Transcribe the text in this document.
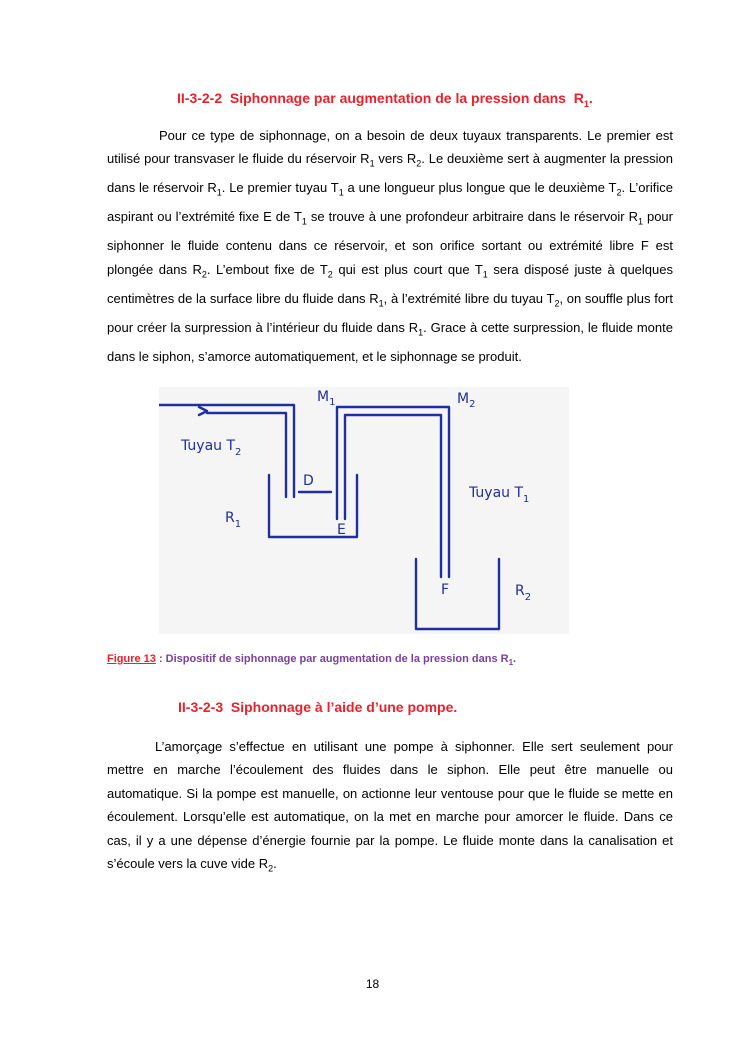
II-3-2-2 Siphonnage par augmentation de la pression dans $R_1$.

Pour ce type de siphonnage, on a besoin de deux tuyaux transparents. Le premier est utilisé pour transvaser le fluide du réservoir $R_1$ vers $R_2$. Le deuxième sert à augmenter la pression dans le réservoir $R_1$. Le premier tuyau $T_1$ a une longueur plus longue que le deuxième $T_2$. L’orifice aspirant ou l’extrémité fixe E de $T_1$ se trouve à une profondeur arbitraire dans le réservoir $R_1$ pour siphonner le fluide contenu dans ce réservoir, et son orifice sortant ou extrémité libre F est plongée dans $R_2$. L’embout fixe de $T_2$ qui est plus court que $T_1$ sera disposé juste à quelques centimètres de la surface libre du fluide dans $R_1$, à l’extrémité libre du tuyau $T_2$, on souffle plus fort pour créer la surpression à l’intérieur du fluide dans $R_1$. Grace à cette surpression, le fluide monte dans le siphon, s’amorce automatiquement, et le siphonnage se produit.

Tuyau $T_2$
$M_1$	$M_2$
D
E
$R_1$
Tuyau $T_1$
F	$R_2$
Figure 13 : Dispositif de siphonnage par augmentation de la pression dans $R_1$.
II-3-2-3 Siphonnage à l’aide d’une pompe.

L’amorçage s’effectue en utilisant une pompe à siphonner. Elle sert seulement pour mettre en marche l’écoulement des fluides dans le siphon. Elle peut être manuelle ou automatique. Si la pompe est manuelle, on actionne leur ventouse pour que le fluide se mette en écoulement. Lorsqu’elle est automatique, on la met en marche pour amorcer le fluide. Dans ce cas, il y a une dépense d’énergie fournie par la pompe. Le fluide monte dans la canalisation et s’écoule vers la cuve vide $R_2$.

18
